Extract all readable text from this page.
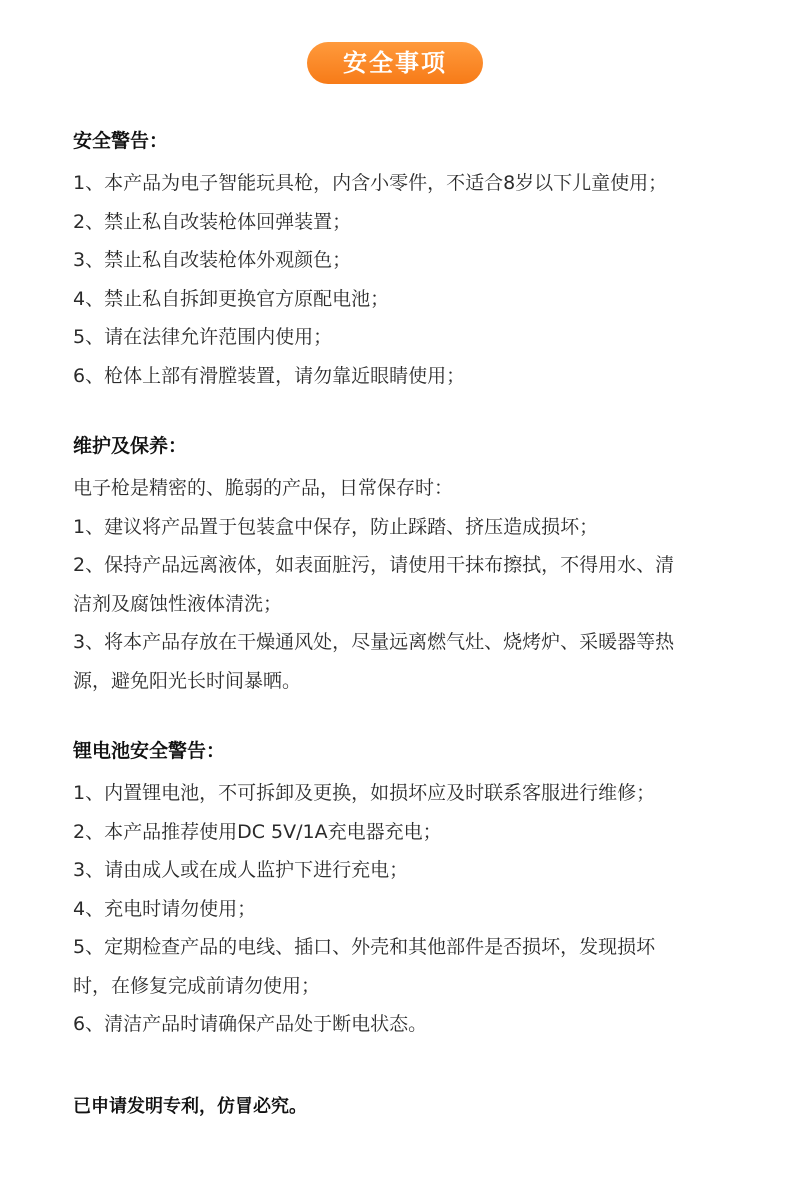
安全事项
安全警告：

1、本产品为电子智能玩具枪，内含小零件，不适合8岁以下儿童使用；

2、禁止私自改装枪体回弹装置；

3、禁止私自改装枪体外观颜色；

4、禁止私自拆卸更换官方原配电池；

5、请在法律允许范围内使用；

6、枪体上部有滑膛装置，请勿靠近眼睛使用；

维护及保养：

电子枪是精密的、脆弱的产品，日常保存时：

1、建议将产品置于包装盒中保存，防止踩踏、挤压造成损坏；

2、保持产品远离液体，如表面脏污，请使用干抹布擦拭，不得用水、清

洁剂及腐蚀性液体清洗；

3、将本产品存放在干燥通风处，尽量远离燃气灶、烧烤炉、采暖器等热

源，避免阳光长时间暴晒。

锂电池安全警告：

1、内置锂电池，不可拆卸及更换，如损坏应及时联系客服进行维修；

2、本产品推荐使用DC 5V/1A充电器充电；

3、请由成人或在成人监护下进行充电；

4、充电时请勿使用；

5、定期检查产品的电线、插口、外壳和其他部件是否损坏，发现损坏

时，在修复完成前请勿使用；

6、清洁产品时请确保产品处于断电状态。

已申请发明专利，仿冒必究。
